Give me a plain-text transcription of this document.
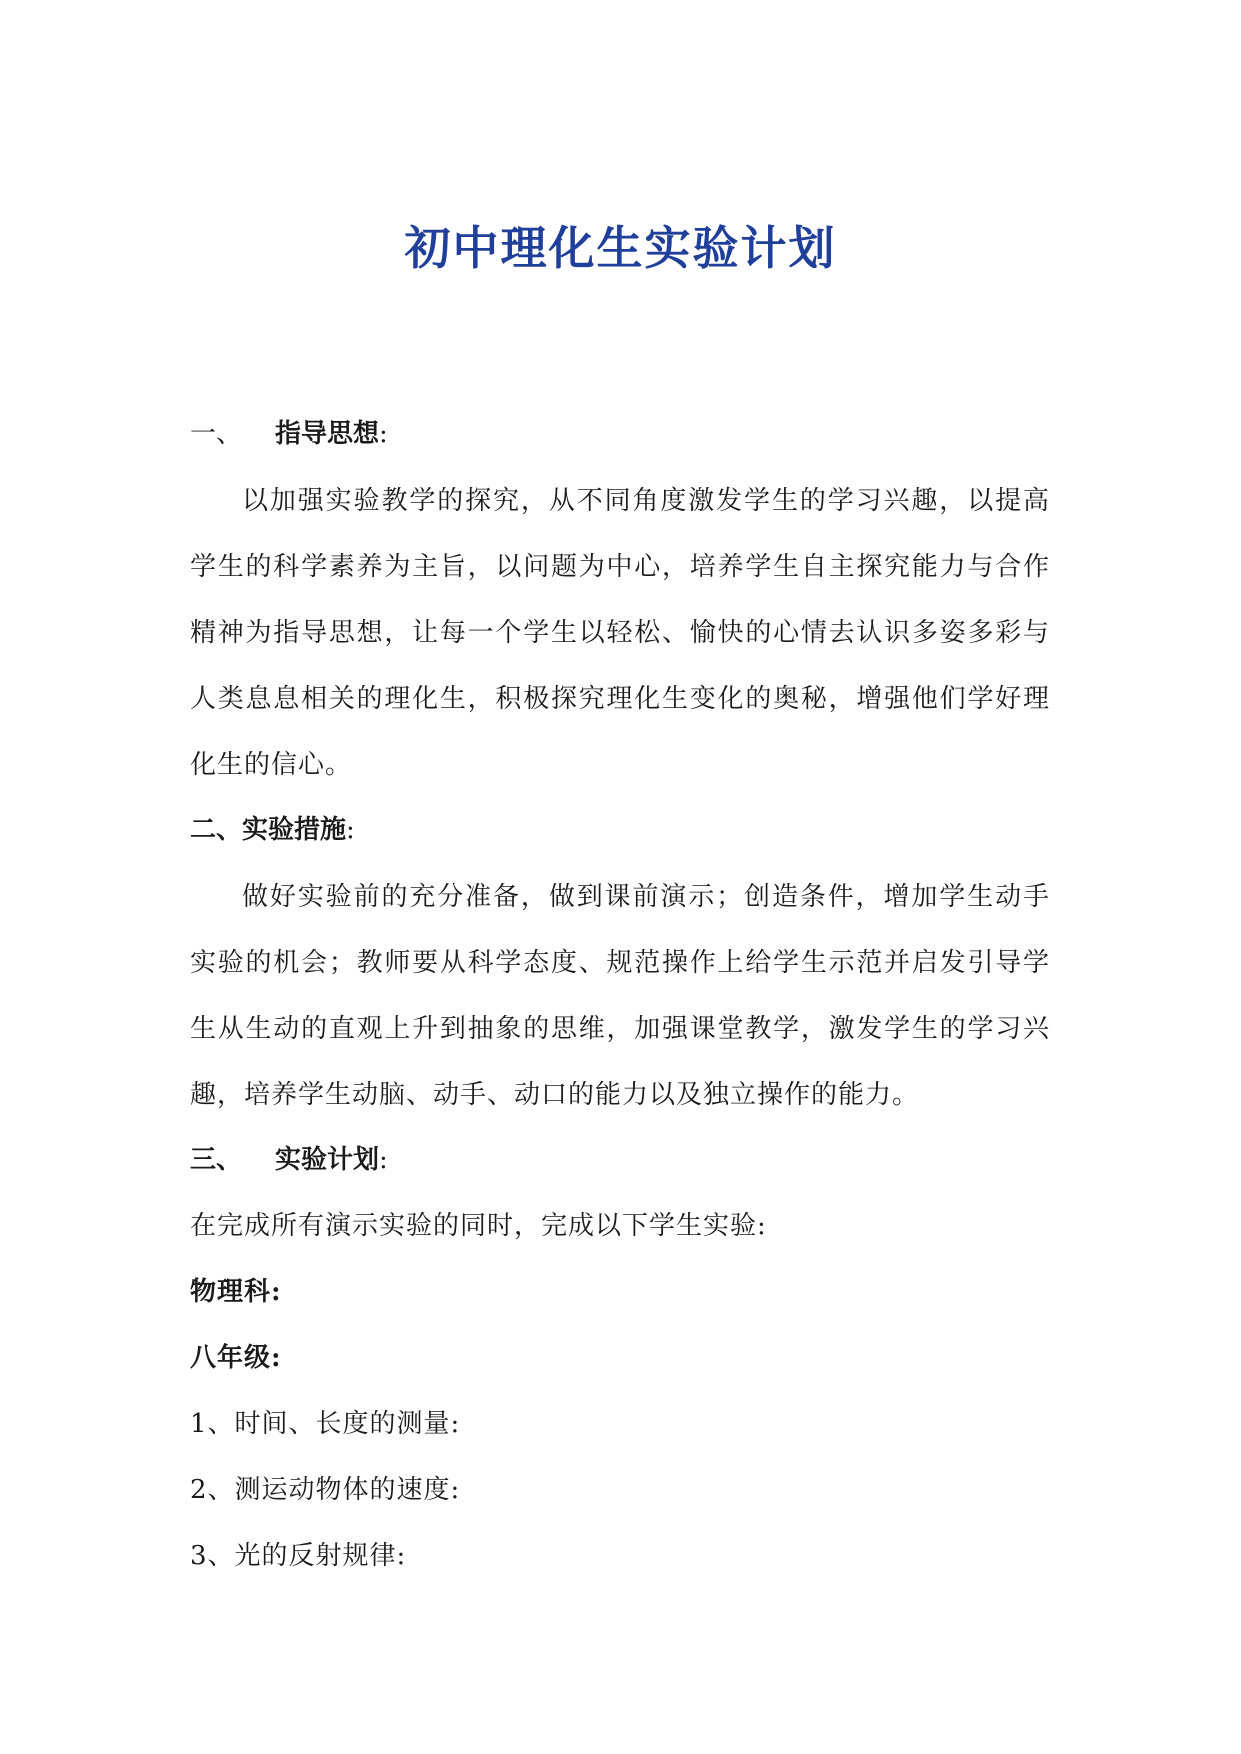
初中理化生实验计划
一、 指导思想:

以加强实验教学的探究，从不同角度激发学生的学习兴趣，以提高学生的科学素养为主旨，以问题为中心，培养学生自主探究能力与合作精神为指导思想，让每一个学生以轻松、愉快的心情去认识多姿多彩与人类息息相关的理化生，积极探究理化生变化的奥秘，增强他们学好理化生的信心。

二、实验措施:

做好实验前的充分准备，做到课前演示；创造条件，增加学生动手实验的机会；教师要从科学态度、规范操作上给学生示范并启发引导学生从生动的直观上升到抽象的思维，加强课堂教学，激发学生的学习兴趣，培养学生动脑、动手、动口的能力以及独立操作的能力。

三、 实验计划:
在完成所有演示实验的同时，完成以下学生实验:
物理科:
八年级:
1、时间、长度的测量:
2、测运动物体的速度:
3、光的反射规律:
